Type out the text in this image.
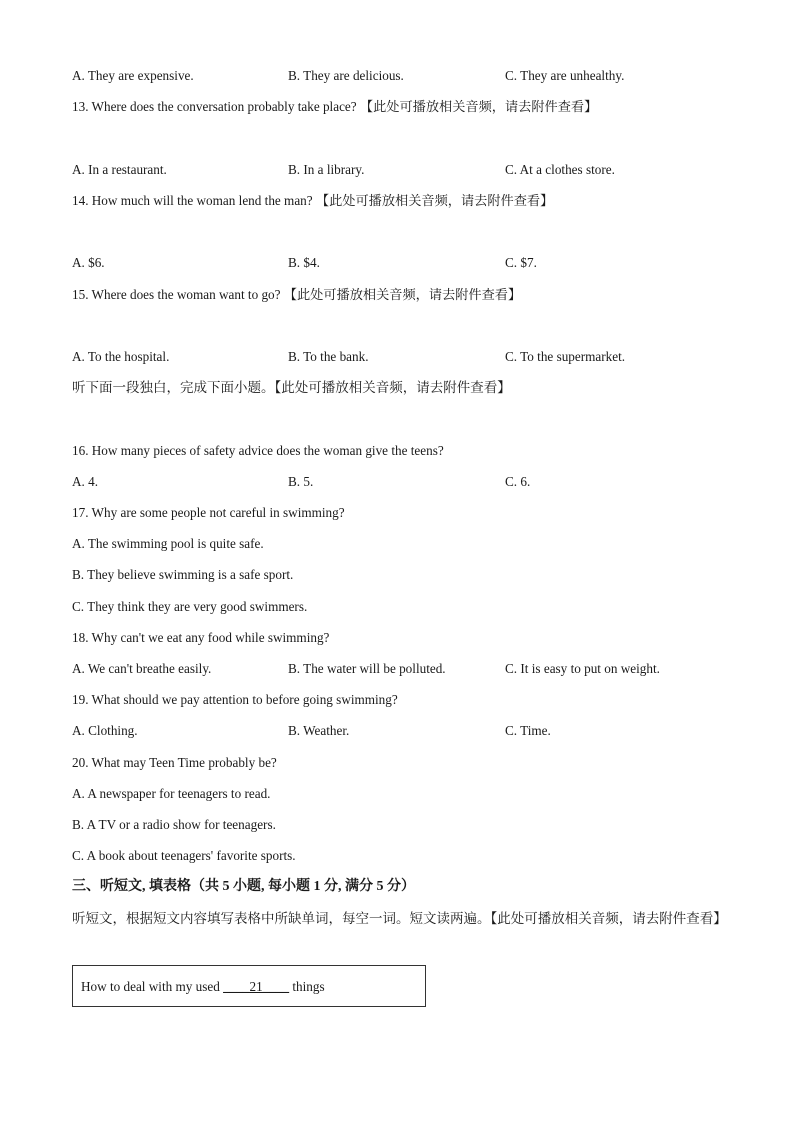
A. They are expensive.	B. They are delicious.	C. They are unhealthy.
13. Where does the conversation probably take place? 【此处可播放相关音频，请去附件查看】
A. In a restaurant.	B. In a library.	C. At a clothes store.
14. How much will the woman lend the man? 【此处可播放相关音频，请去附件查看】
A. $6.	B. $4.	C. $7.
15. Where does the woman want to go? 【此处可播放相关音频，请去附件查看】
A. To the hospital.	B. To the bank.	C. To the supermarket.
听下面一段独白，完成下面小题。【此处可播放相关音频，请去附件查看】
16. How many pieces of safety advice does the woman give the teens?
A. 4.	B. 5.	C. 6.
17. Why are some people not careful in swimming?
A. The swimming pool is quite safe.
B. They believe swimming is a safe sport.
C. They think they are very good swimmers.
18. Why can't we eat any food while swimming?
A. We can't breathe easily.	B. The water will be polluted.	C. It is easy to put on weight.
19. What should we pay attention to before going swimming?
A. Clothing.	B. Weather.	C. Time.
20. What may Teen Time probably be?
A. A newspaper for teenagers to read.
B. A TV or a radio show for teenagers.
C. A book about teenagers' favorite sports.
三、听短文, 填表格（共 5 小题, 每小题 1 分, 满分 5 分）
听短文，根据短文内容填写表格中所缺单词，每空一词。短文读两遍。【此处可播放相关音频，请去附件查看】
How to deal with my used ____21____ things
